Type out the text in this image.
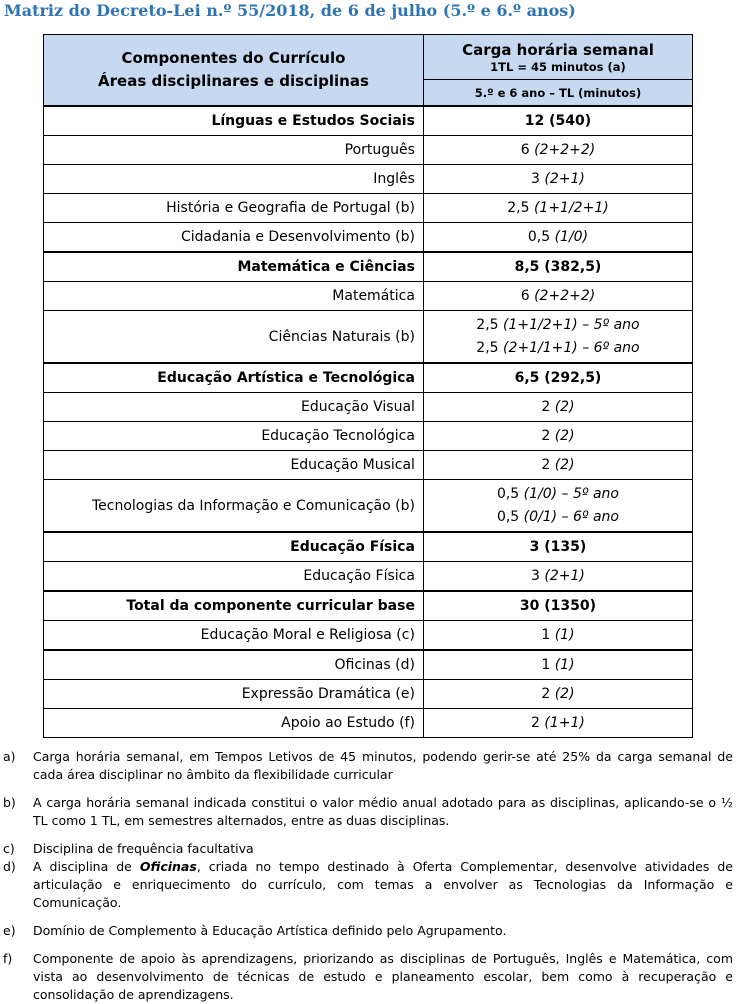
Matriz do Decreto-Lei n.º 55/2018, de 6 de julho (5.º e 6.º anos)
Componentes do Currículo
Áreas disciplinares e disciplinas	Carga horária semanal
1TL = 45 minutos (a)

	5.º e 6 ano – TL (minutos)
Línguas e Estudos Sociais	12 (540)
Português	6 (2+2+2)
Inglês	3 (2+1)
História e Geografia de Portugal (b)	2,5 (1+1/2+1)
Cidadania e Desenvolvimento (b)	0,5 (1/0)
Matemática e Ciências	8,5 (382,5)
Matemática	6 (2+2+2)
Ciências Naturais (b)	2,5 (1+1/2+1) – 5º ano
2,5 (2+1/1+1) – 6º ano

Educação Artística e Tecnológica	6,5 (292,5)
Educação Visual	2 (2)
Educação Tecnológica	2 (2)
Educação Musical	2 (2)
Tecnologias da Informação e Comunicação (b)	0,5 (1/0) – 5º ano
0,5 (0/1) – 6º ano

Educação Física	3 (135)
Educação Física	3 (2+1)
Total da componente curricular base	30 (1350)
Educação Moral e Religiosa (c)	1 (1)
Oficinas (d)	1 (1)
Expressão Dramática (e)	2 (2)
Apoio ao Estudo (f)	2 (1+1)
a) Carga horária semanal, em Tempos Letivos de 45 minutos, podendo gerir-se até 25% da carga semanal de cada área disciplinar no âmbito da flexibilidade curricular
b) A carga horária semanal indicada constitui o valor médio anual adotado para as disciplinas, aplicando-se o ½ TL como 1 TL, em semestres alternados, entre as duas disciplinas.
c) Disciplina de frequência facultativa
d) A disciplina de Oficinas, criada no tempo destinado à Oferta Complementar, desenvolve atividades de articulação e enriquecimento do currículo, com temas a envolver as Tecnologias da Informação e Comunicação.
e) Domínio de Complemento à Educação Artística definido pelo Agrupamento.
f) Componente de apoio às aprendizagens, priorizando as disciplinas de Português, Inglês e Matemática, com vista ao desenvolvimento de técnicas de estudo e planeamento escolar, bem como à recuperação e consolidação de aprendizagens.
